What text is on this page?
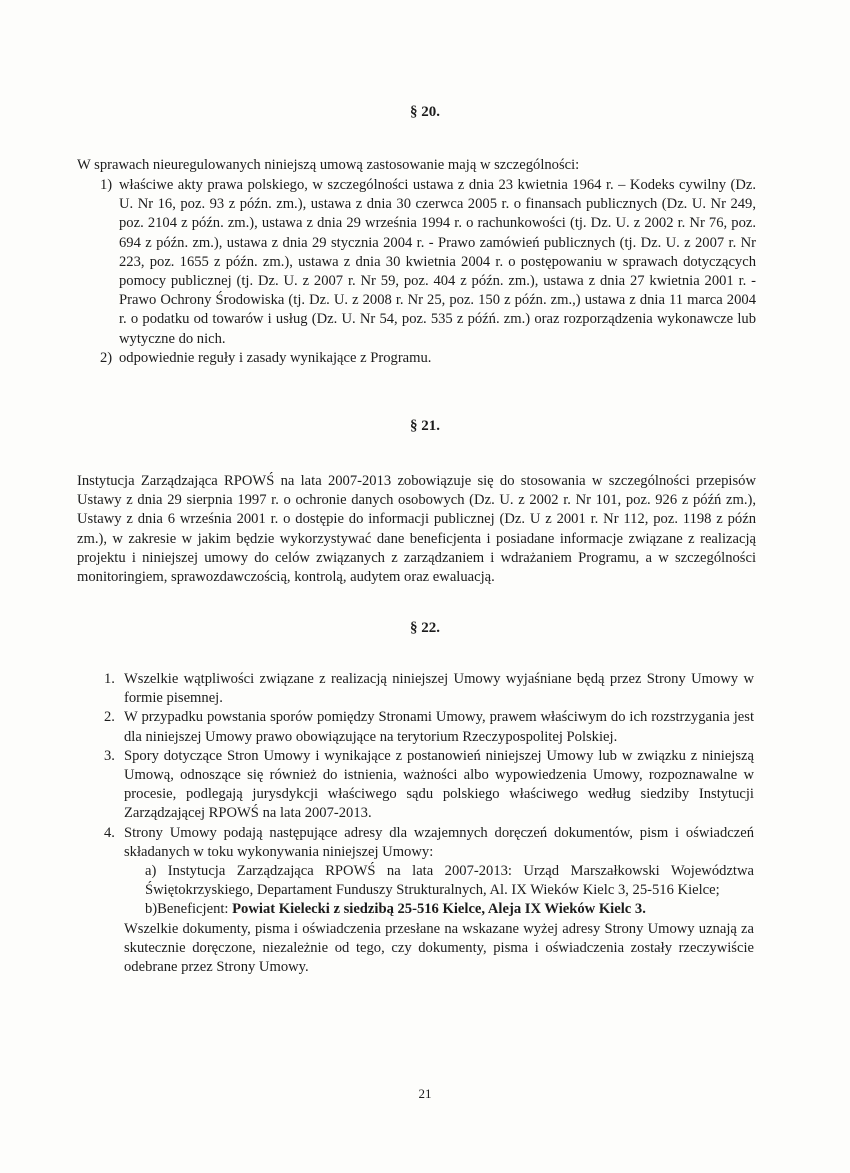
§ 20.
W sprawach nieuregulowanych niniejszą umową zastosowanie mają w szczególności:
1) właściwe akty prawa polskiego, w szczególności ustawa z dnia 23 kwietnia 1964 r. – Kodeks cywilny (Dz. U. Nr 16, poz. 93 z późn. zm.), ustawa z dnia 30 czerwca 2005 r. o finansach publicznych (Dz. U. Nr 249, poz. 2104 z późn. zm.), ustawa z dnia 29 września 1994 r. o rachunkowości (tj. Dz. U. z 2002 r. Nr 76, poz. 694 z późn. zm.), ustawa z dnia 29 stycznia 2004 r. - Prawo zamówień publicznych (tj. Dz. U. z 2007 r. Nr 223, poz. 1655 z późn. zm.), ustawa z dnia 30 kwietnia 2004 r. o postępowaniu w sprawach dotyczących pomocy publicznej (tj. Dz. U. z 2007 r. Nr 59, poz. 404 z późn. zm.), ustawa z dnia 27 kwietnia 2001 r. - Prawo Ochrony Środowiska (tj. Dz. U. z 2008 r. Nr 25, poz. 150 z późn. zm.,) ustawa z dnia 11 marca 2004 r. o podatku od towarów i usług (Dz. U. Nr 54, poz. 535 z późń. zm.) oraz rozporządzenia wykonawcze lub wytyczne do nich.
2) odpowiednie reguły i zasady wynikające z Programu.
§ 21.
Instytucja Zarządzająca RPOWŚ na lata 2007-2013 zobowiązuje się do stosowania w szczególności przepisów Ustawy z dnia 29 sierpnia 1997 r. o ochronie danych osobowych (Dz. U. z 2002 r. Nr 101, poz. 926 z późń zm.), Ustawy z dnia 6 września 2001 r. o dostępie do informacji publicznej (Dz. U z 2001 r. Nr 112, poz. 1198 z późn zm.), w zakresie w jakim będzie wykorzystywać dane beneficjenta i posiadane informacje związane z realizacją projektu i niniejszej umowy do celów związanych z zarządzaniem i wdrażaniem Programu, a w szczególności monitoringiem, sprawozdawczością, kontrolą, audytem oraz ewaluacją.
§ 22.
1. Wszelkie wątpliwości związane z realizacją niniejszej Umowy wyjaśniane będą przez Strony Umowy w formie pisemnej.
2. W przypadku powstania sporów pomiędzy Stronami Umowy, prawem właściwym do ich rozstrzygania jest dla niniejszej Umowy prawo obowiązujące na terytorium Rzeczypospolitej Polskiej.
3. Spory dotyczące Stron Umowy i wynikające z postanowień niniejszej Umowy lub w związku z niniejszą Umową, odnoszące się również do istnienia, ważności albo wypowiedzenia Umowy, rozpoznawalne w procesie, podlegają jurysdykcji właściwego sądu polskiego właściwego według siedziby Instytucji Zarządzającej RPOWŚ na lata 2007-2013.
4. Strony Umowy podają następujące adresy dla wzajemnych doręczeń dokumentów, pism i oświadczeń składanych w toku wykonywania niniejszej Umowy:
a) Instytucja Zarządzająca RPOWŚ na lata 2007-2013: Urząd Marszałkowski Województwa Świętokrzyskiego, Departament Funduszy Strukturalnych, Al. IX Wieków Kielc 3, 25-516 Kielce;
b)Beneficjent: Powiat Kielecki z siedzibą 25-516 Kielce, Aleja IX Wieków Kielc 3.
Wszelkie dokumenty, pisma i oświadczenia przesłane na wskazane wyżej adresy Strony Umowy uznają za skutecznie doręczone, niezależnie od tego, czy dokumenty, pisma i oświadczenia zostały rzeczywiście odebrane przez Strony Umowy.
21
